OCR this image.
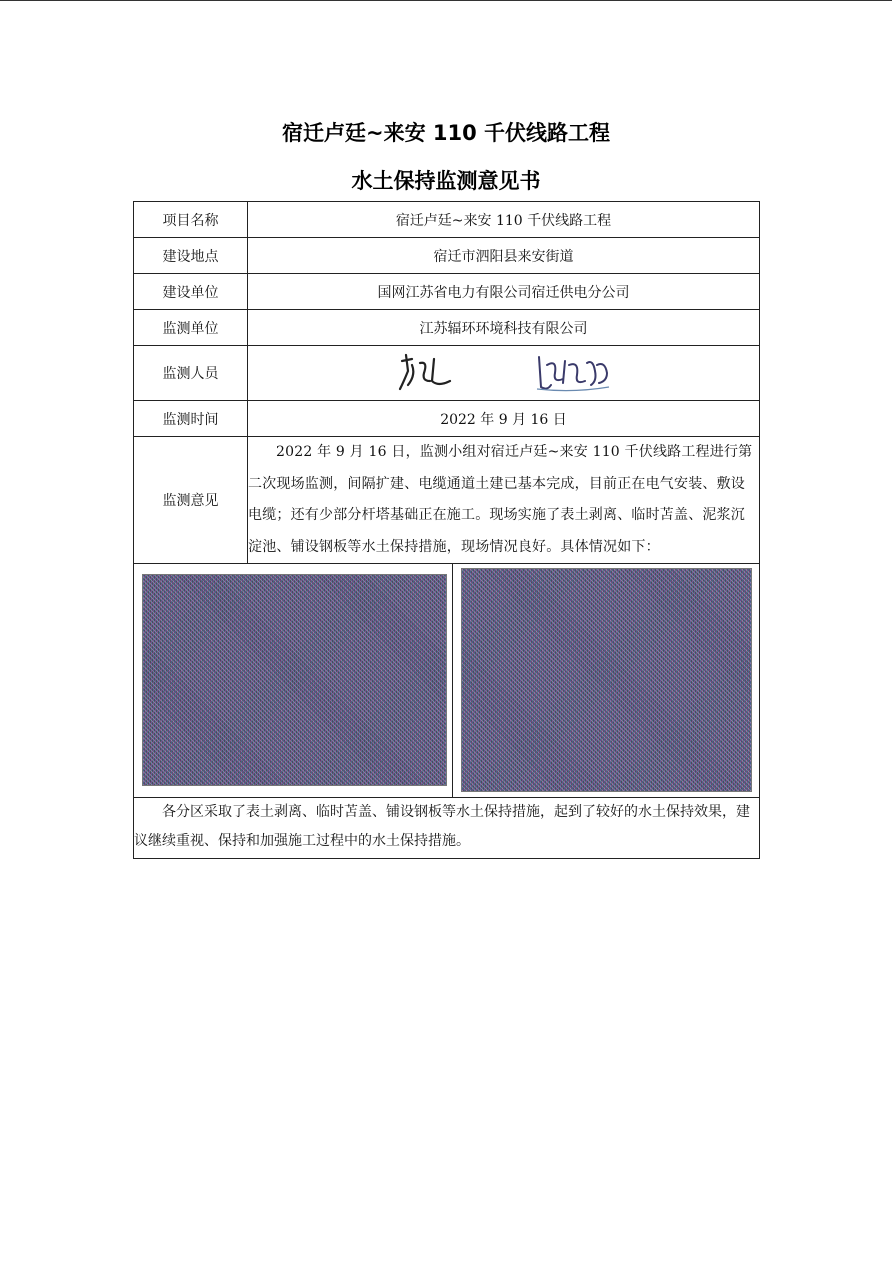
宿迁卢廷~来安 110 千伏线路工程
水土保持监测意见书
项目名称	宿迁卢廷~来安 110 千伏线路工程
建设地点	宿迁市泗阳县来安街道
建设单位	国网江苏省电力有限公司宿迁供电分公司
监测单位	江苏辐环环境科技有限公司
监测人员	
监测时间	2022 年 9 月 16 日
监测意见	2022 年 9 月 16 日，监测小组对宿迁卢廷~来安 110 千伏线路工程进行第二次现场监测，间隔扩建、电缆通道土建已基本完成，目前正在电气安装、敷设电缆；还有少部分杆塔基础正在施工。现场实施了表土剥离、临时苫盖、泥浆沉淀池、铺设钢板等水土保持措施，现场情况良好。具体情况如下：

各分区采取了表土剥离、临时苫盖、铺设钢板等水土保持措施，起到了较好的水土保持效果，建议继续重视、保持和加强施工过程中的水土保持措施。	
